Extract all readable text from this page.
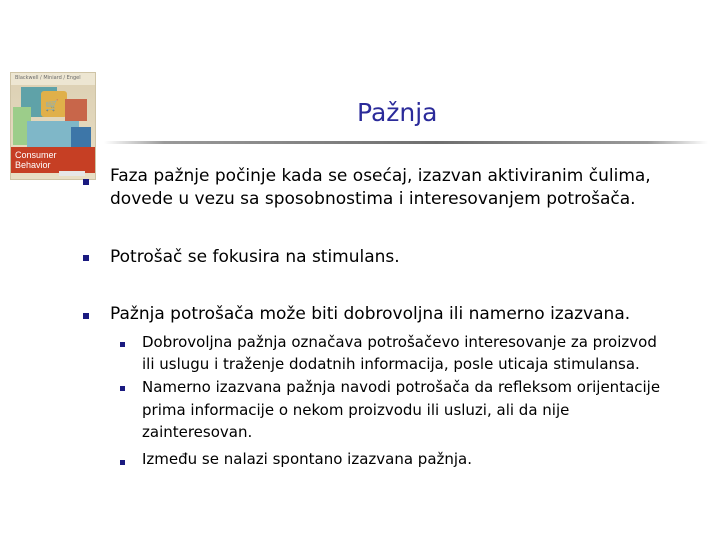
Blackwell / Miniard / Engel
🛒
Consumer
Behavior
Pažnja

Faza pažnje počinje kada se osećaj, izazvan aktiviranim čulima,

dovede u vezu sa sposobnostima i interesovanjem potrošača.

Potrošač se fokusira na stimulans.

Pažnja potrošača može biti dobrovoljna ili namerno izazvana.

Dobrovoljna pažnja označava potrošačevo interesovanje za proizvod

ili uslugu i traženje dodatnih informacija, posle uticaja stimulansa.

Namerno izazvana pažnja navodi potrošača da refleksom orijentacije

prima informacije o nekom proizvodu ili usluzi, ali da nije

zainteresovan.

Između se nalazi spontano izazvana pažnja.
